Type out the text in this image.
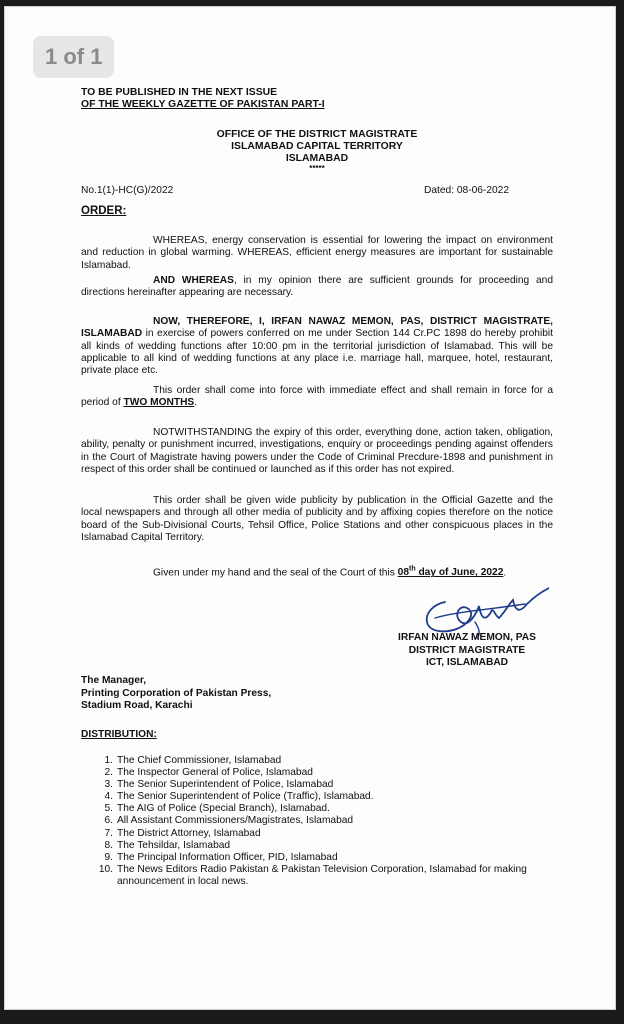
1 of 1
TO BE PUBLISHED IN THE NEXT ISSUE
OF THE WEEKLY GAZETTE OF PAKISTAN PART-I
OFFICE OF THE DISTRICT MAGISTRATE
ISLAMABAD CAPITAL TERRITORY
ISLAMABAD
*****
No.1(1)-HC(G)/2022	Dated: 08-06-2022
ORDER:
WHEREAS, energy conservation is essential for lowering the impact on environment and reduction in global warming. WHEREAS, efficient energy measures are important for sustainable Islamabad.
AND WHEREAS, in my opinion there are sufficient grounds for proceeding and directions hereinafter appearing are necessary.
NOW, THEREFORE, I, IRFAN NAWAZ MEMON, PAS, DISTRICT MAGISTRATE, ISLAMABAD in exercise of powers conferred on me under Section 144 Cr.PC 1898 do hereby prohibit all kinds of wedding functions after 10:00 pm in the territorial jurisdiction of Islamabad. This will be applicable to all kind of wedding functions at any place i.e. marriage hall, marquee, hotel, restaurant, private place etc.
This order shall come into force with immediate effect and shall remain in force for a period of TWO MONTHS.
NOTWITHSTANDING the expiry of this order, everything done, action taken, obligation, ability, penalty or punishment incurred, investigations, enquiry or proceedings pending against offenders in the Court of Magistrate having powers under the Code of Criminal Precdure-1898 and punishment in respect of this order shall be continued or launched as if this order has not expired.
This order shall be given wide publicity by publication in the Official Gazette and the local newspapers and through all other media of publicity and by affixing copies therefore on the notice board of the Sub-Divisional Courts, Tehsil Office, Police Stations and other conspicuous places in the Islamabad Capital Territory.
Given under my hand and the seal of the Court of this 08th day of June, 2022.
IRFAN NAWAZ MEMON, PAS
DISTRICT MAGISTRATE
ICT, ISLAMABAD
The Manager,
Printing Corporation of Pakistan Press,
Stadium Road, Karachi
DISTRIBUTION:
1. The Chief Commissioner, Islamabad
2. The Inspector General of Police, Islamabad
3. The Senior Superintendent of Police, Islamabad
4. The Senior Superintendent of Police (Traffic), Islamabad.
5. The AIG of Police (Special Branch), Islamabad.
6. All Assistant Commissioners/Magistrates, Islamabad
7. The District Attorney, Islamabad
8. The Tehsildar, Islamabad
9. The Principal Information Officer, PID, Islamabad
10. The News Editors Radio Pakistan & Pakistan Television Corporation, Islamabad for making announcement in local news.
